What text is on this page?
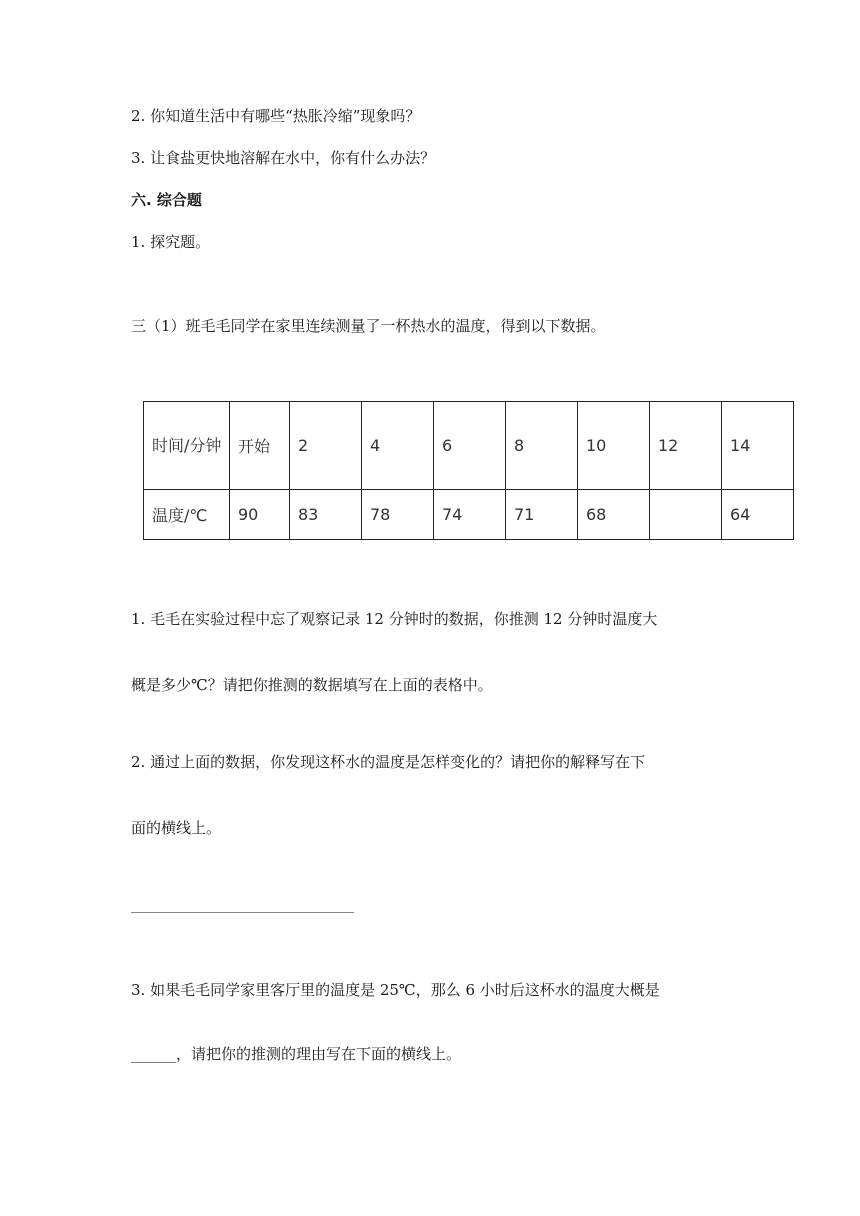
2. 你知道生活中有哪些“热胀冷缩”现象吗？
3. 让食盐更快地溶解在水中，你有什么办法？
六. 综合题
1. 探究题。
三（1）班毛毛同学在家里连续测量了一杯热水的温度，得到以下数据。
时间/分钟	开始	2	4	6	8	10	12	14
温度/℃	90	83	78	74	71	68		64
1. 毛毛在实验过程中忘了观察记录 12 分钟时的数据，你推测 12 分钟时温度大
概是多少℃？请把你推测的数据填写在上面的表格中。
2. 通过上面的数据，你发现这杯水的温度是怎样变化的？请把你的解释写在下
面的横线上。
3. 如果毛毛同学家里客厅里的温度是 25℃，那么 6 小时后这杯水的温度大概是
______，请把你的推测的理由写在下面的横线上。
